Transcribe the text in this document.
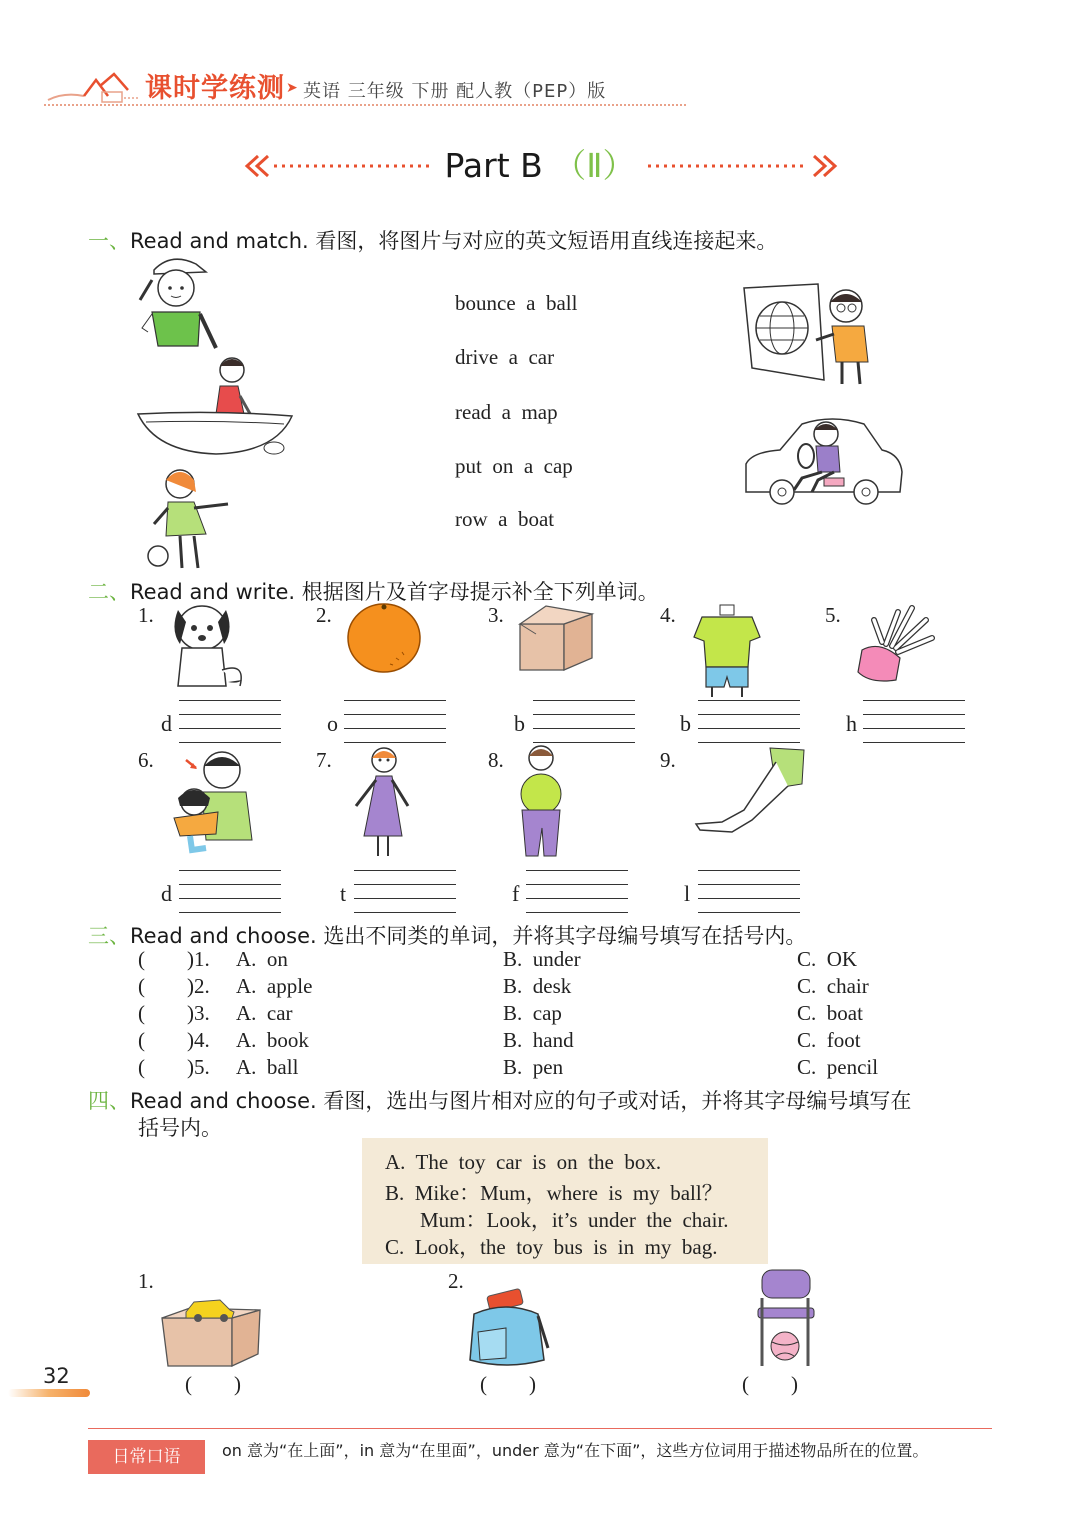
课时学练测 ➤ 英语 三年级 下册 配人教（PEP）版
Part B （Ⅱ）
一、Read and match. 看图，将图片与对应的英文短语用直线连接起来。
bounce  a  ball
drive  a  car
read  a  map
put  on  a  cap
row  a  boat
二、Read and write. 根据图片及首字母提示补全下列单词。
1.	2.	3.	4.	5.
d	o	b	b	h
6.	7.	8.	9.
d	t	f	l
三、Read and choose. 选出不同类的单词，并将其字母编号填写在括号内。
(        )1. A.  on	B.  under	C.  OK
(        )2. A.  apple	B.  desk	C.  chair
(        )3. A.  car	B.  cap	C.  boat
(        )4. A.  book	B.  hand	C.  foot
(        )5. A.  ball	B.  pen	C.  pencil
四、Read and choose. 看图，选出与图片相对应的句子或对话，并将其字母编号填写在
括号内。
A.  The  toy  car  is  on  the  box.
B.  Mike：Mum，where  is  my  ball？
Mum：Look，it’s  under  the  chair.
C.  Look，the  toy  bus  is  in  my  bag.
1.	2.
(        )	(        )	(        )
32
日常口语	on 意为“在上面”，in 意为“在里面”，under 意为“在下面”，这些方位词用于描述物品所在的位置。
